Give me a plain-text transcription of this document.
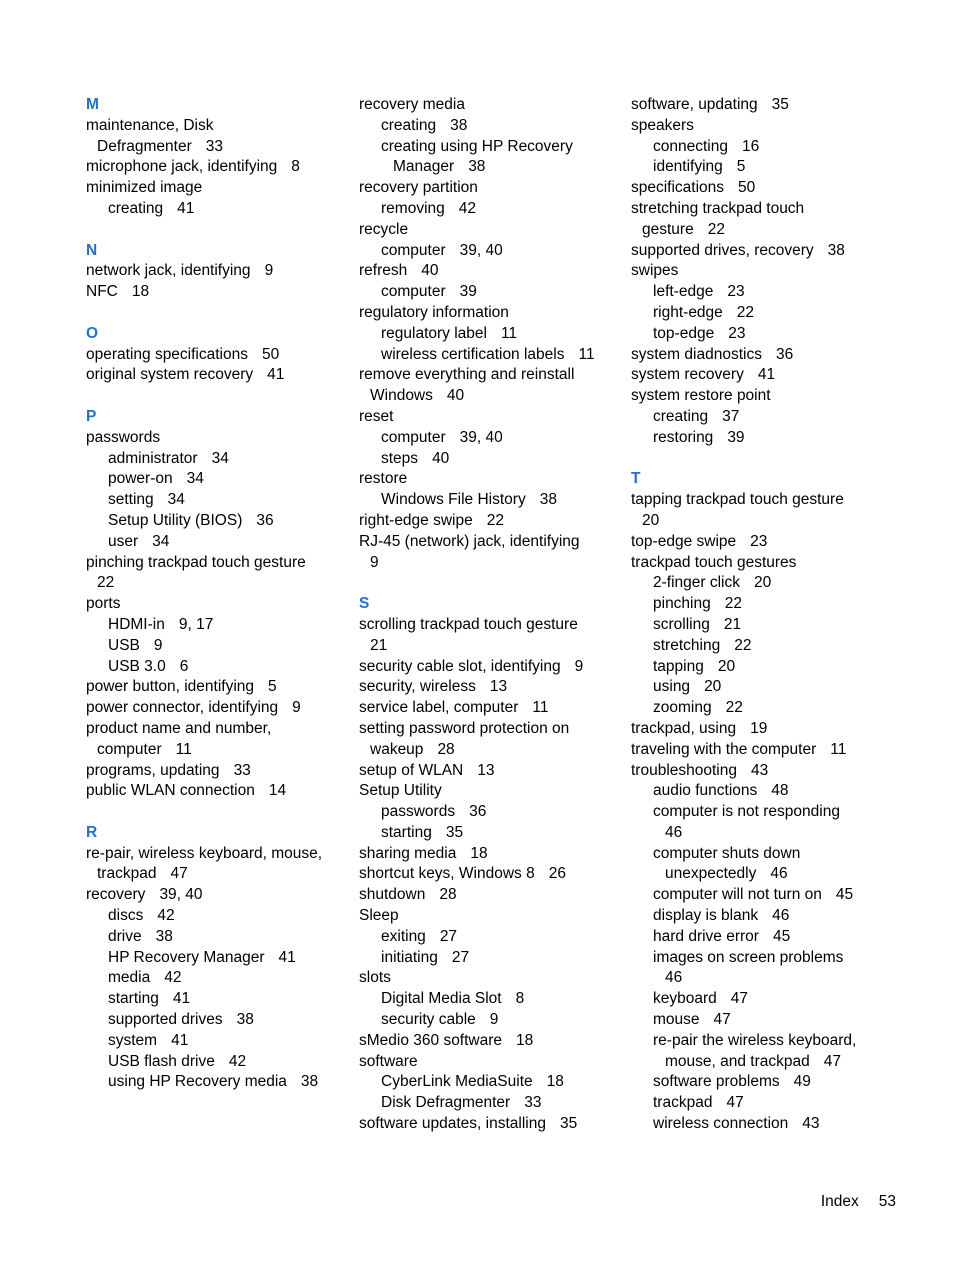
M
maintenance, Disk
Defragmenter 33
microphone jack, identifying 8
minimized image
creating 41
N
network jack, identifying 9
NFC 18
O
operating specifications 50
original system recovery 41
P
passwords
administrator 34
power-on 34
setting 34
Setup Utility (BIOS) 36
user 34
pinching trackpad touch gesture
22
ports
HDMI-in 9, 17
USB 9
USB 3.0 6
power button, identifying 5
power connector, identifying 9
product name and number,
computer 11
programs, updating 33
public WLAN connection 14
R
re-pair, wireless keyboard, mouse,
trackpad 47
recovery 39, 40
discs 42
drive 38
HP Recovery Manager 41
media 42
starting 41
supported drives 38
system 41
USB flash drive 42
using HP Recovery media 38
recovery media
creating 38
creating using HP Recovery
Manager 38
recovery partition
removing 42
recycle
computer 39, 40
refresh 40
computer 39
regulatory information
regulatory label 11
wireless certification labels 11
remove everything and reinstall
Windows 40
reset
computer 39, 40
steps 40
restore
Windows File History 38
right-edge swipe 22
RJ-45 (network) jack, identifying
9
S
scrolling trackpad touch gesture
21
security cable slot, identifying 9
security, wireless 13
service label, computer 11
setting password protection on
wakeup 28
setup of WLAN 13
Setup Utility
passwords 36
starting 35
sharing media 18
shortcut keys, Windows 8 26
shutdown 28
Sleep
exiting 27
initiating 27
slots
Digital Media Slot 8
security cable 9
sMedio 360 software 18
software
CyberLink MediaSuite 18
Disk Defragmenter 33
software updates, installing 35
software, updating 35
speakers
connecting 16
identifying 5
specifications 50
stretching trackpad touch
gesture 22
supported drives, recovery 38
swipes
left-edge 23
right-edge 22
top-edge 23
system diadnostics 36
system recovery 41
system restore point
creating 37
restoring 39
T
tapping trackpad touch gesture
20
top-edge swipe 23
trackpad touch gestures
2-finger click 20
pinching 22
scrolling 21
stretching 22
tapping 20
using 20
zooming 22
trackpad, using 19
traveling with the computer 11
troubleshooting 43
audio functions 48
computer is not responding
46
computer shuts down
unexpectedly 46
computer will not turn on 45
display is blank 46
hard drive error 45
images on screen problems
46
keyboard 47
mouse 47
re-pair the wireless keyboard,
mouse, and trackpad 47
software problems 49
trackpad 47
wireless connection 43
Index 53
